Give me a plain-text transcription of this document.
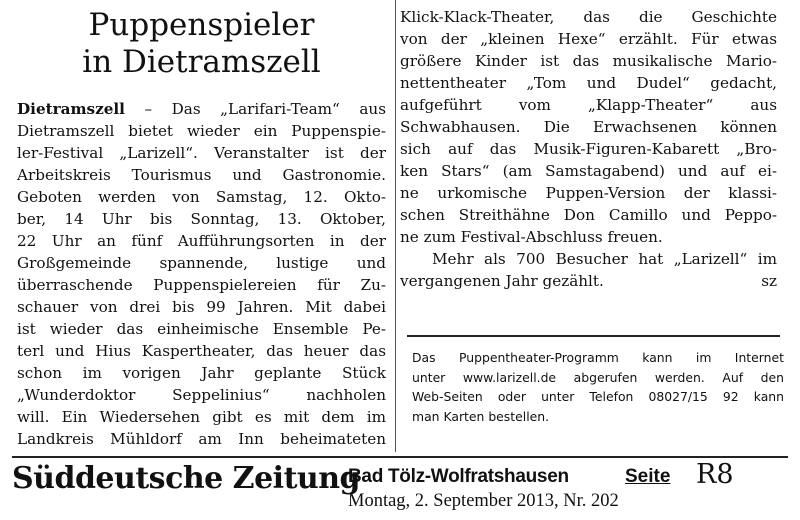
Puppenspieler
in Dietramszell
Dietramszell – Das „Larifari-Team“ aus
Dietramszell bietet wieder ein Puppenspie-
ler-Festival „Larizell“. Veranstalter ist der
Arbeitskreis Tourismus und Gastronomie.
Geboten werden von Samstag, 12. Okto-
ber, 14 Uhr bis Sonntag, 13. Oktober,
22 Uhr an fünf Aufführungsorten in der
Großgemeinde spannende, lustige und
überraschende Puppenspielereien für Zu-
schauer von drei bis 99 Jahren. Mit dabei
ist wieder das einheimische Ensemble Pe-
terl und Hius Kaspertheater, das heuer das
schon im vorigen Jahr geplante Stück
„Wunderdoktor Seppelinius“ nachholen
will. Ein Wiedersehen gibt es mit dem im
Landkreis Mühldorf am Inn beheimateten
Klick-Klack-Theater, das die Geschichte
von der „kleinen Hexe“ erzählt. Für etwas
größere Kinder ist das musikalische Mario-
nettentheater „Tom und Dudel“ gedacht,
aufgeführt vom „Klapp-Theater“ aus
Schwabhausen. Die Erwachsenen können
sich auf das Musik-Figuren-Kabarett „Bro-
ken Stars“ (am Samstagabend) und auf ei-
ne urkomische Puppen-Version der klassi-
schen Streithähne Don Camillo und Peppo-
ne zum Festival-Abschluss freuen.
Mehr als 700 Besucher hat „Larizell“ im
vergangenen Jahr gezählt.	sz
Das Puppentheater-Programm kann im Internet
unter www.larizell.de abgerufen werden. Auf den
Web-Seiten oder unter Telefon 08027/15 92 kann
man Karten bestellen.
Süddeutsche Zeitung
Bad Tölz-Wolfratshausen	Seite R8
Montag, 2. September 2013, Nr. 202
